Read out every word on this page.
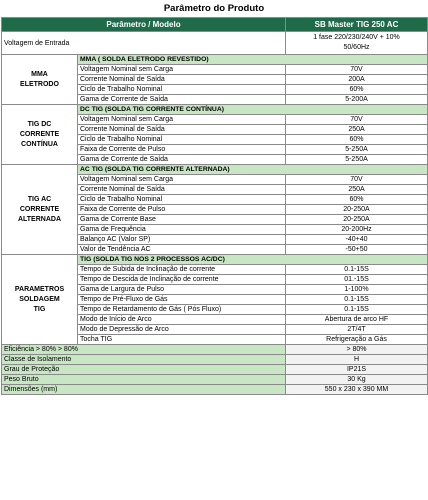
Parâmetro do Produto
Parâmetro / Modelo		SB Master TIG 250 AC
Voltagem de Entrada		1 fase 220/230/240V + 10%
50/60Hz
MMA
ELETRODO	MMA ( SOLDA ELETRODO REVESTIDO)	
	Voltagem Nominal sem Carga	70V
	Corrente Nominal de Saída	200A
	Ciclo de Trabalho Nominal	60%
	Gama de Corrente de Saída	5-200A
TIG DC
CORRENTE
CONTÍNUA	DC TIG (SOLDA TIG CORRENTE CONTÍNUA)	
	Voltagem Nominal sem Carga	70V
	Corrente Nominal de Saída	250A
	Ciclo de Trabalho Nominal	60%
	Faixa de Corrente de Pulso	5-250A
	Gama de Corrente de Saída	5-250A
TIG AC
CORRENTE
ALTERNADA	AC TIG (SOLDA TIG CORRENTE ALTERNADA)	
	Voltagem Nominal sem Carga	70V
	Corrente Nominal de Saída	250A
	Ciclo de Trabalho Nominal	60%
	Faixa de Corrente de Pulso	20-250A
	Gama de Corrente Base	20-250A
	Gama de Frequência	20-200Hz
	Balanço AC (Valor SP)	-40+40
	Valor de Tendência AC	-50+50
PARAMETROS
SOLDAGEM
TIG	TIG (SOLDA TIG NOS 2 PROCESSOS AC/DC)	
	Tempo de Subida de Inclinação de corrente	0.1-15S
	Tempo de Descida de Inclinação de corrente	01.-15S
	Gama de Largura de Pulso	1-100%
	Tempo de Pré-Fluxo de Gás	0.1-15S
	Tempo de Retardamento de Gás ( Pós Fluxo)	0.1-15S
	Modo de Início de Arco	Abertura de arco HF
	Modo de Depressão de Arco	2T/4T
	Tocha TIG	Refrigeração a Gás
Eficiência > 80% > 80%		> 80%
Classe de Isolamento		H
Grau de Proteção		IP21S
Peso Bruto		30 Kg
Dimensões (mm)		550 x 230 x 390 MM
